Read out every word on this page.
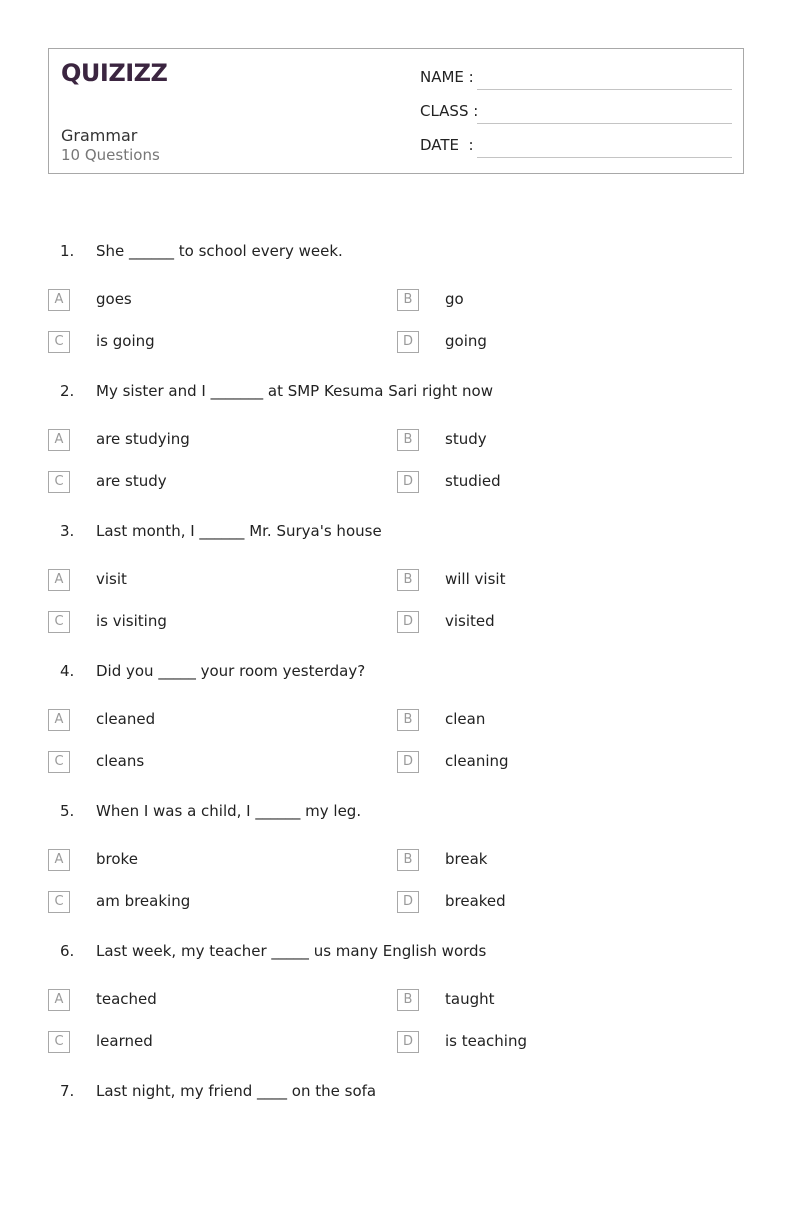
QUIZIZZ
Grammar
10 Questions
NAME :
CLASS :
DATE  :
1. She ______ to school every week.
A	goes	B	go
C	is going	D	going
2. My sister and I _______ at SMP Kesuma Sari right now
A	are studying	B	study
C	are study	D	studied
3. Last month, I ______ Mr. Surya's house
A	visit	B	will visit
C	is visiting	D	visited
4. Did you _____ your room yesterday?
A	cleaned	B	clean
C	cleans	D	cleaning
5. When I was a child, I ______ my leg.
A	broke	B	break
C	am breaking	D	breaked
6. Last week, my teacher _____ us many English words
A	teached	B	taught
C	learned	D	is teaching
7. Last night, my friend ____ on the sofa
